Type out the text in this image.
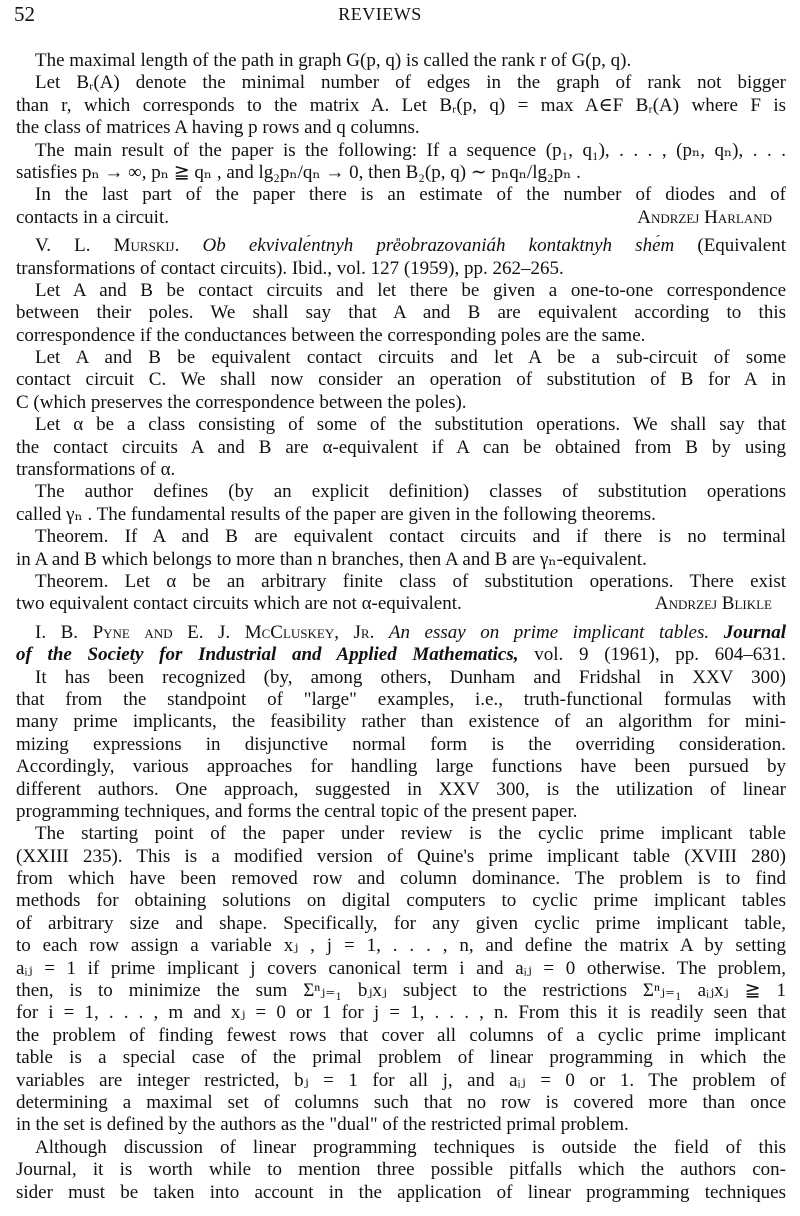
52	REVIEWS
The maximal length of the path in graph G(p, q) is called the rank r of G(p, q).
Let Bᵣ(A) denote the minimal number of edges in the graph of rank not bigger
than r, which corresponds to the matrix A. Let Bᵣ(p, q) = max A∈F Bᵣ(A) where F is
the class of matrices A having p rows and q columns.
The main result of the paper is the following: If a sequence (p₁, q₁), . . . , (pₙ, qₙ), . . .
satisfies pₙ → ∞, pₙ ≧ qₙ , and lg₂pₙ/qₙ → 0, then B₂(p, q) ∼ pₙqₙ/lg₂pₙ .
In the last part of the paper there is an estimate of the number of diodes and of
contacts in a circuit.	Andrzej Harland
V. L. Murskij. Ob ekvivalе́ntnyh pre̎obrazovaniáh kontaktnyh shе́m (Equivalent
transformations of contact circuits). Ibid., vol. 127 (1959), pp. 262–265.
Let A and B be contact circuits and let there be given a one-to-one correspondence
between their poles. We shall say that A and B are equivalent according to this
correspondence if the conductances between the corresponding poles are the same.
Let A and B be equivalent contact circuits and let A be a sub-circuit of some
contact circuit C. We shall now consider an operation of substitution of B for A in
C (which preserves the correspondence between the poles).
Let α be a class consisting of some of the substitution operations. We shall say that
the contact circuits A and B are α-equivalent if A can be obtained from B by using
transformations of α.
The author defines (by an explicit definition) classes of substitution operations
called γₙ . The fundamental results of the paper are given in the following theorems.
Theorem. If A and B are equivalent contact circuits and if there is no terminal
in A and B which belongs to more than n branches, then A and B are γₙ-equivalent.
Theorem. Let α be an arbitrary finite class of substitution operations. There exist
two equivalent contact circuits which are not α-equivalent.	Andrzej Blikle
I. B. Pyne and E. J. McCluskey, Jr. An essay on prime implicant tables. Journal
of the Society for Industrial and Applied Mathematics, vol. 9 (1961), pp. 604–631.
It has been recognized (by, among others, Dunham and Fridshal in XXV 300)
that from the standpoint of "large" examples, i.e., truth-functional formulas with
many prime implicants, the feasibility rather than existence of an algorithm for mini-
mizing expressions in disjunctive normal form is the overriding consideration.
Accordingly, various approaches for handling large functions have been pursued by
different authors. One approach, suggested in XXV 300, is the utilization of linear
programming techniques, and forms the central topic of the present paper.
The starting point of the paper under review is the cyclic prime implicant table
(XXIII 235). This is a modified version of Quine's prime implicant table (XVIII 280)
from which have been removed row and column dominance. The problem is to find
methods for obtaining solutions on digital computers to cyclic prime implicant tables
of arbitrary size and shape. Specifically, for any given cyclic prime implicant table,
to each row assign a variable xⱼ , j = 1, . . . , n, and define the matrix A by setting
aᵢⱼ = 1 if prime implicant j covers canonical term i and aᵢⱼ = 0 otherwise. The problem,
then, is to minimize the sum Σⁿⱼ₌₁ bⱼxⱼ subject to the restrictions Σⁿⱼ₌₁ aᵢⱼxⱼ ≧ 1
for i = 1, . . . , m and xⱼ = 0 or 1 for j = 1, . . . , n. From this it is readily seen that
the problem of finding fewest rows that cover all columns of a cyclic prime implicant
table is a special case of the primal problem of linear programming in which the
variables are integer restricted, bⱼ = 1 for all j, and aᵢⱼ = 0 or 1. The problem of
determining a maximal set of columns such that no row is covered more than once
in the set is defined by the authors as the "dual" of the restricted primal problem.
Although discussion of linear programming techniques is outside the field of this
Journal, it is worth while to mention three possible pitfalls which the authors con-
sider must be taken into account in the application of linear programming techniques
